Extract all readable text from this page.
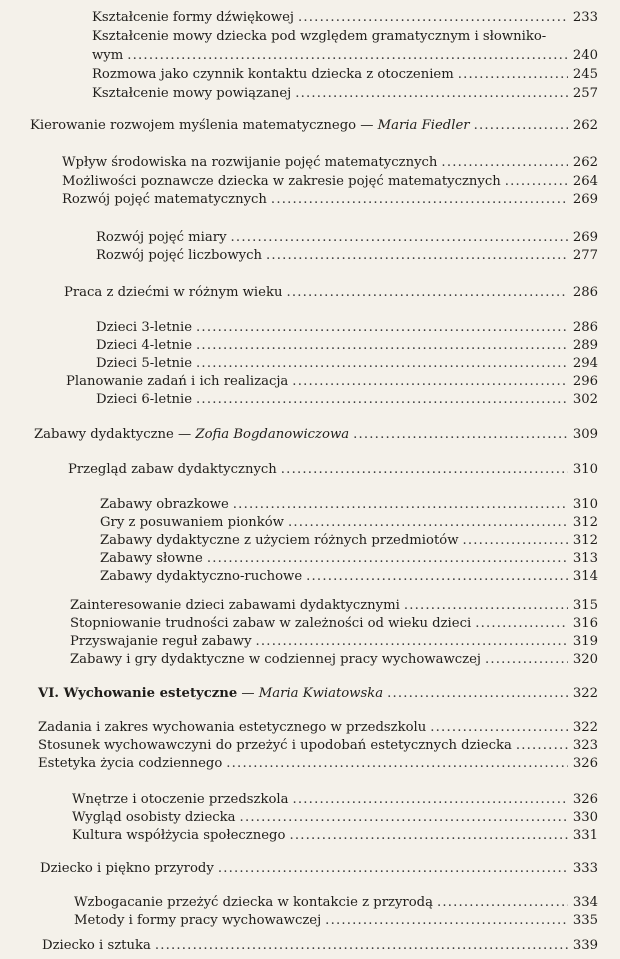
Kształcenie formy dźwiękowej .....	233
Kształcenie mowy dziecka pod względem gramatycznym i słowniko-
wym .....	240
Rozmowa jako czynnik kontaktu dziecka z otoczeniem .....	245
Kształcenie mowy powiązanej .....	257
Kierowanie rozwojem myślenia matematycznego — Maria Fiedler .....	262
Wpływ środowiska na rozwijanie pojęć matematycznych .....	262
Możliwości poznawcze dziecka w zakresie pojęć matematycznych .....	264
Rozwój pojęć matematycznych .....	269
Rozwój pojęć miary .....	269
Rozwój pojęć liczbowych .....	277
Praca z dziećmi w różnym wieku .....	286
Dzieci 3-letnie .....	286
Dzieci 4-letnie .....	289
Dzieci 5-letnie .....	294
Planowanie zadań i ich realizacja .....	296
Dzieci 6-letnie .....	302
Zabawy dydaktyczne — Zofia Bogdanowiczowa .....	309
Przegląd zabaw dydaktycznych .....	310
Zabawy obrazkowe .....	310
Gry z posuwaniem pionków .....	312
Zabawy dydaktyczne z użyciem różnych przedmiotów .....	312
Zabawy słowne .....	313
Zabawy dydaktyczno-ruchowe .....	314
Zainteresowanie dzieci zabawami dydaktycznymi .....	315
Stopniowanie trudności zabaw w zależności od wieku dzieci .....	316
Przyswajanie reguł zabawy .....	319
Zabawy i gry dydaktyczne w codziennej pracy wychowawczej .....	320
VI. Wychowanie estetyczne — Maria Kwiatowska .....	322
Zadania i zakres wychowania estetycznego w przedszkolu .....	322
Stosunek wychowawczyni do przeżyć i upodobań estetycznych dziecka .....	323
Estetyka życia codziennego .....	326
Wnętrze i otoczenie przedszkola .....	326
Wygląd osobisty dziecka .....	330
Kultura współżycia społecznego .....	331
Dziecko i piękno przyrody .....	333
Wzbogacanie przeżyć dziecka w kontakcie z przyrodą .....	334
Metody i formy pracy wychowawczej .....	335
Dziecko i sztuka .....	339
